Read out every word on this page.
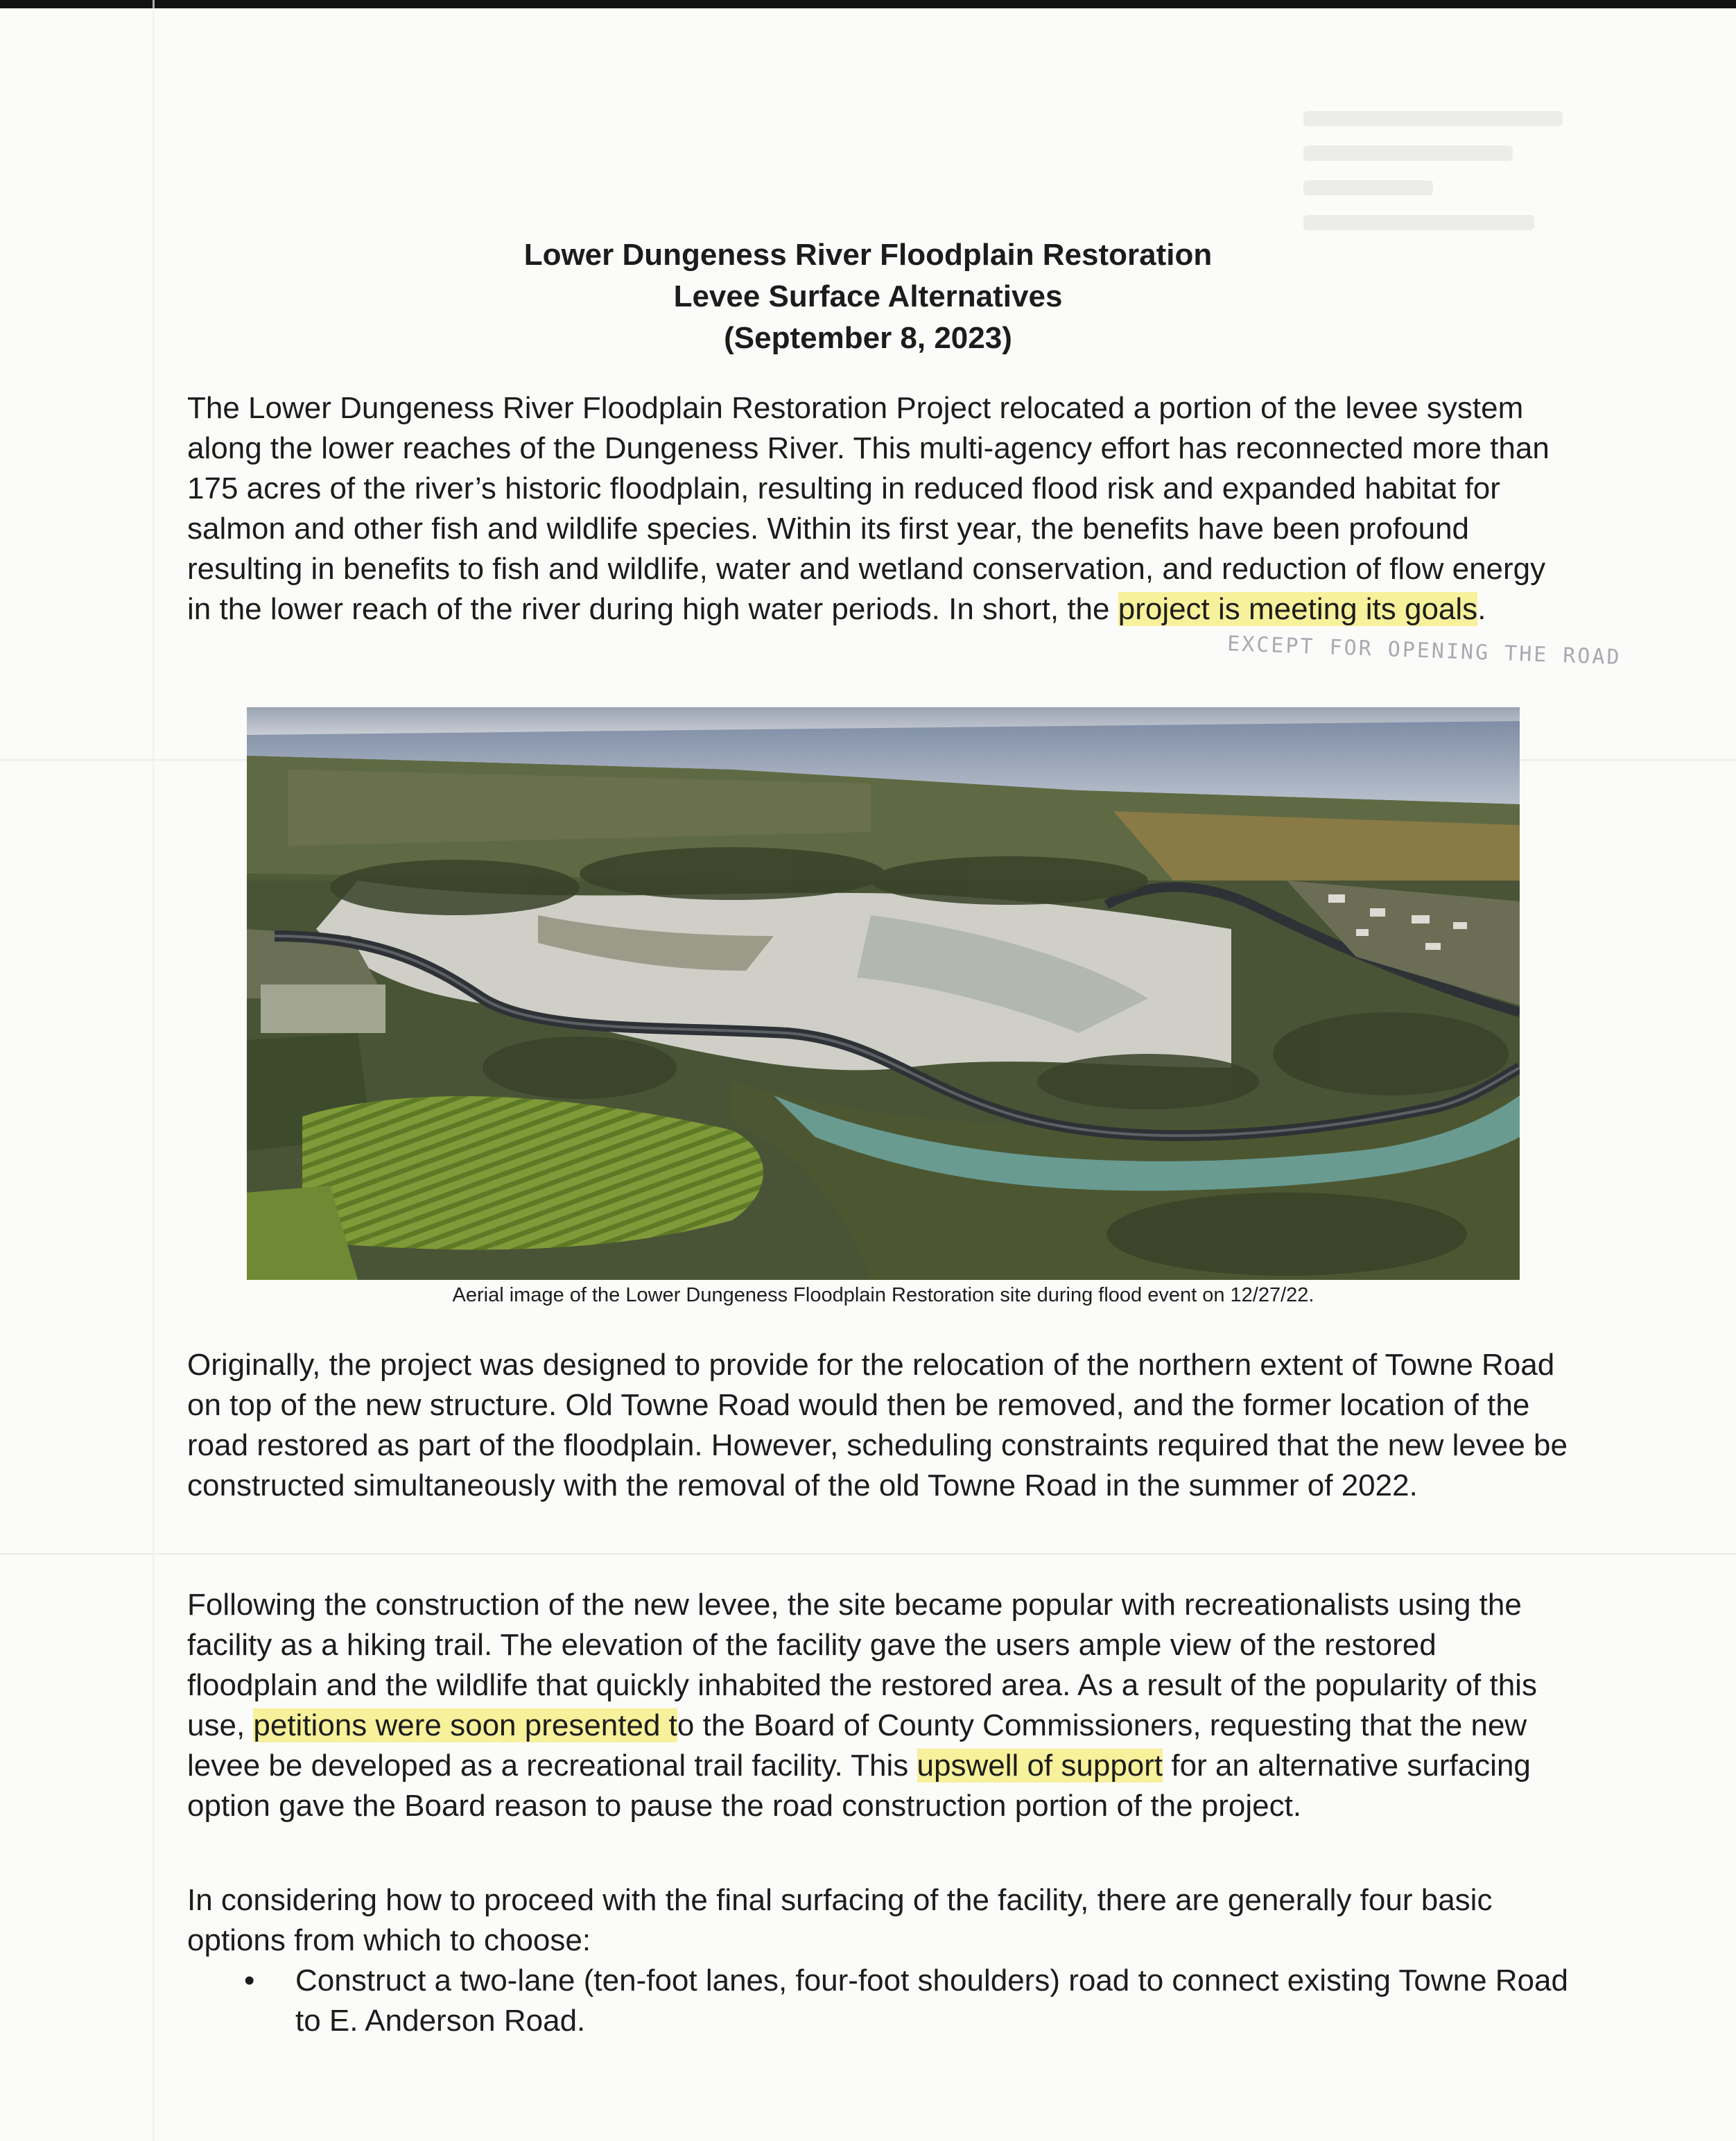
Lower Dungeness River Floodplain Restoration
Levee Surface Alternatives
(September 8, 2023)

The Lower Dungeness River Floodplain Restoration Project relocated a portion of the levee system along the lower reaches of the Dungeness River. This multi-agency effort has reconnected more than 175 acres of the river’s historic floodplain, resulting in reduced flood risk and expanded habitat for salmon and other fish and wildlife species. Within its first year, the benefits have been profound resulting in benefits to fish and wildlife, water and wetland conservation, and reduction of flow energy in the lower reach of the river during high water periods. In short, the project is meeting its goals.

EXCEPT FOR OPENING THE ROAD
Aerial image of the Lower Dungeness Floodplain Restoration site during flood event on 12/27/22.

Originally, the project was designed to provide for the relocation of the northern extent of Towne Road on top of the new structure. Old Towne Road would then be removed, and the former location of the road restored as part of the floodplain. However, scheduling constraints required that the new levee be constructed simultaneously with the removal of the old Towne Road in the summer of 2022.

Following the construction of the new levee, the site became popular with recreationalists using the facility as a hiking trail. The elevation of the facility gave the users ample view of the restored floodplain and the wildlife that quickly inhabited the restored area. As a result of the popularity of this use, petitions were soon presented to the Board of County Commissioners, requesting that the new levee be developed as a recreational trail facility. This upswell of support for an alternative surfacing option gave the Board reason to pause the road construction portion of the project.

In considering how to proceed with the final surfacing of the facility, there are generally four basic options from which to choose:

• Construct a two-lane (ten-foot lanes, four-foot shoulders) road to connect existing Towne Road to E. Anderson Road.
